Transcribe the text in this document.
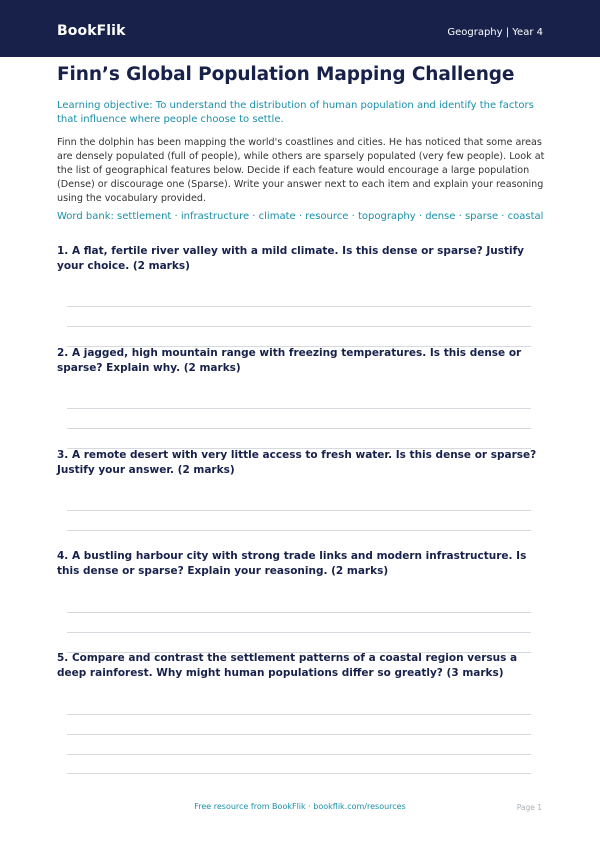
BookFlik	Geography | Year 4
Finn’s Global Population Mapping Challenge
Learning objective: To understand the distribution of human population and identify the factors that influence where people choose to settle.
Finn the dolphin has been mapping the world's coastlines and cities. He has noticed that some areas are densely populated (full of people), while others are sparsely populated (very few people). Look at the list of geographical features below. Decide if each feature would encourage a large population (Dense) or discourage one (Sparse). Write your answer next to each item and explain your reasoning using the vocabulary provided.
Word bank: settlement · infrastructure · climate · resource · topography · dense · sparse · coastal
1. A flat, fertile river valley with a mild climate. Is this dense or sparse? Justify your choice. (2 marks)
2. A jagged, high mountain range with freezing temperatures. Is this dense or sparse? Explain why. (2 marks)
3. A remote desert with very little access to fresh water. Is this dense or sparse? Justify your answer. (2 marks)
4. A bustling harbour city with strong trade links and modern infrastructure. Is this dense or sparse? Explain your reasoning. (2 marks)
5. Compare and contrast the settlement patterns of a coastal region versus a deep rainforest. Why might human populations differ so greatly? (3 marks)
Free resource from BookFlik · bookflik.com/resources	Page 1
